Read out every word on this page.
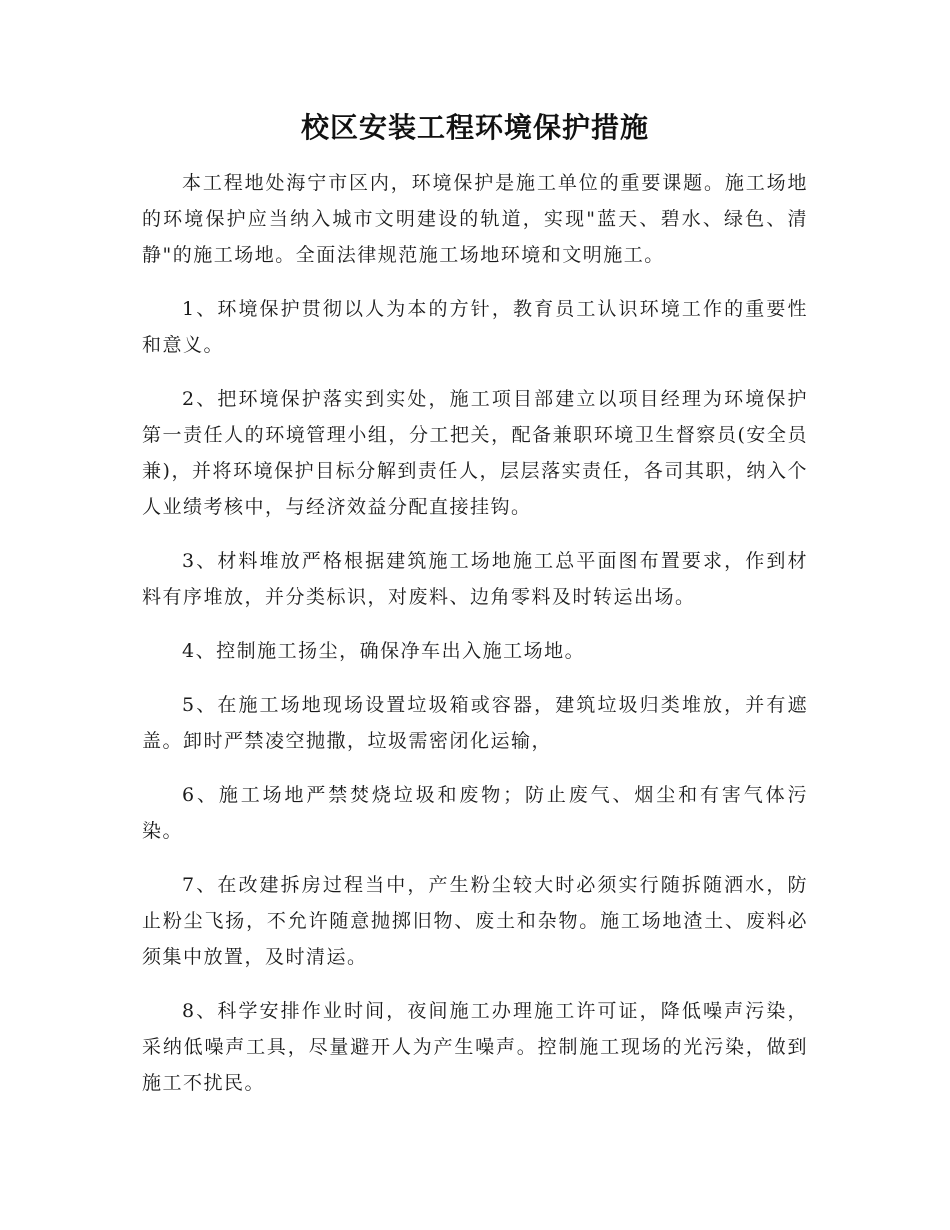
校区安装工程环境保护措施

本工程地处海宁市区内，环境保护是施工单位的重要课题。施工场地的环境保护应当纳入城市文明建设的轨道，实现"蓝天、碧水、绿色、清静"的施工场地。全面法律规范施工场地环境和文明施工。

1、环境保护贯彻以人为本的方针，教育员工认识环境工作的重要性和意义。

2、把环境保护落实到实处，施工项目部建立以项目经理为环境保护第一责任人的环境管理小组，分工把关，配备兼职环境卫生督察员(安全员兼)，并将环境保护目标分解到责任人，层层落实责任，各司其职，纳入个人业绩考核中，与经济效益分配直接挂钩。

3、材料堆放严格根据建筑施工场地施工总平面图布置要求，作到材料有序堆放，并分类标识，对废料、边角零料及时转运出场。

4、控制施工扬尘，确保净车出入施工场地。

5、在施工场地现场设置垃圾箱或容器，建筑垃圾归类堆放，并有遮盖。卸时严禁凌空抛撒，垃圾需密闭化运输，

6、施工场地严禁焚烧垃圾和废物；防止废气、烟尘和有害气体污染。

7、在改建拆房过程当中，产生粉尘较大时必须实行随拆随洒水，防止粉尘飞扬，不允许随意抛掷旧物、废土和杂物。施工场地渣土、废料必须集中放置，及时清运。

8、科学安排作业时间，夜间施工办理施工许可证，降低噪声污染，采纳低噪声工具，尽量避开人为产生噪声。控制施工现场的光污染，做到施工不扰民。
